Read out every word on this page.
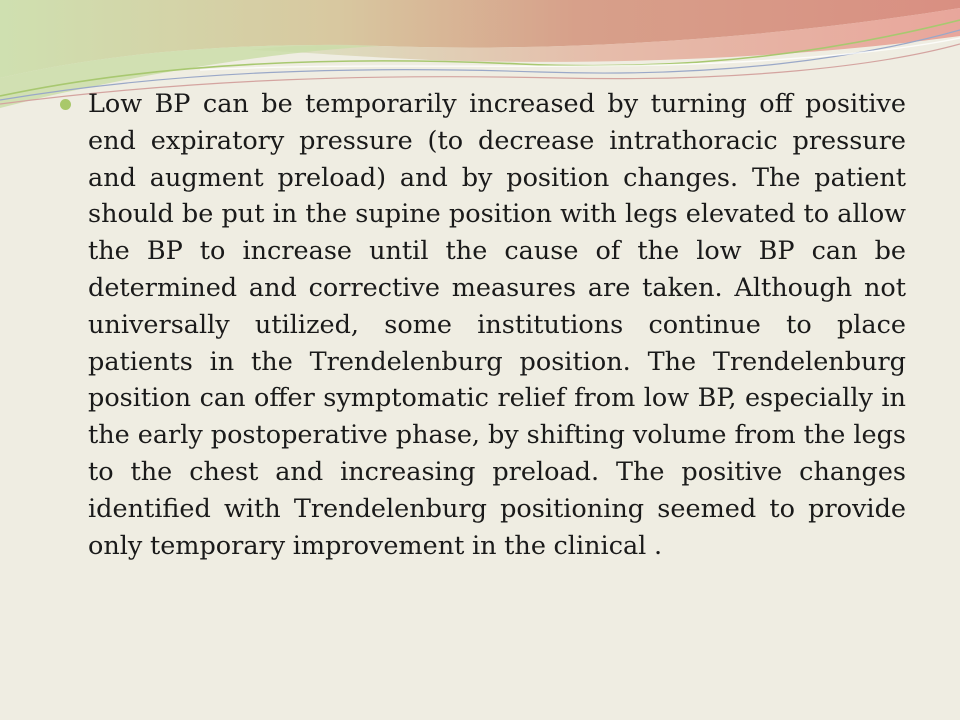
Low BP can be temporarily increased by turning off positive end expiratory pressure (to decrease intrathoracic pressure and augment preload) and by position changes. The patient should be put in the supine position with legs elevated to allow the BP to increase until the cause of the low BP can be determined and corrective measures are taken. Although not universally utilized, some institutions continue to place patients in the Trendelenburg position. The Trendelenburg position can offer symptomatic relief from low BP, especially in the early postoperative phase, by shifting volume from the legs to the chest and increasing preload. The positive changes identified with Trendelenburg positioning seemed to provide only temporary improvement in the clinical .
